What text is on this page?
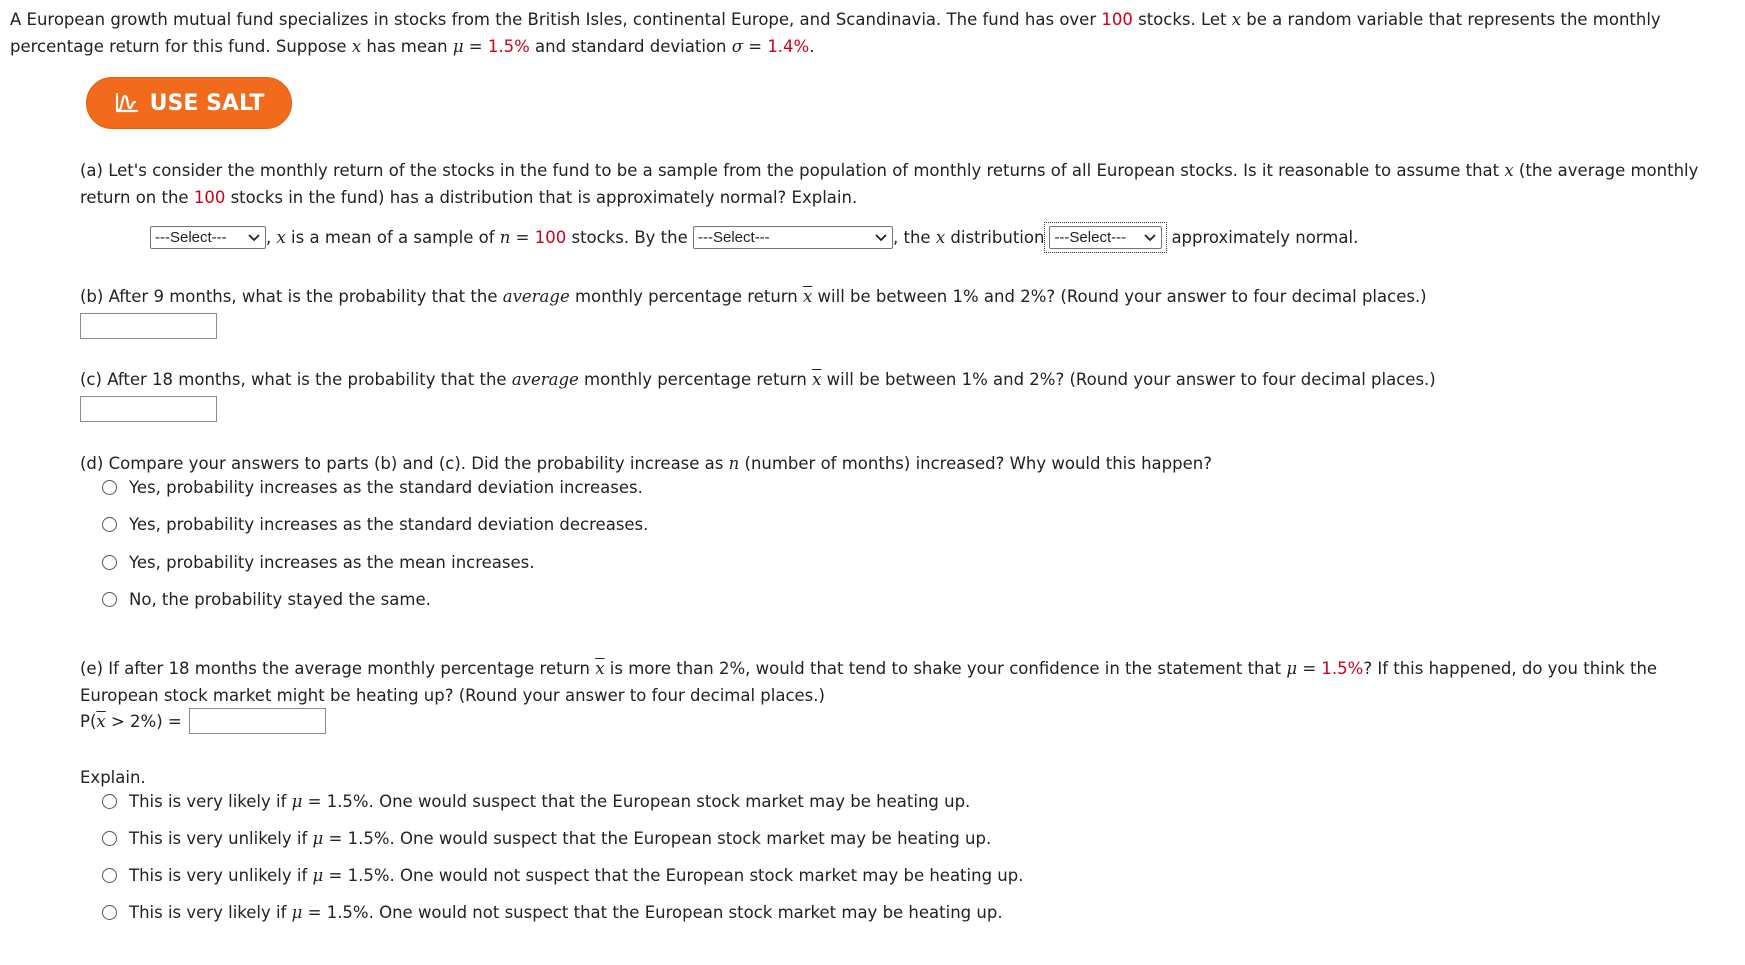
A European growth mutual fund specializes in stocks from the British Isles, continental Europe, and Scandinavia. The fund has over 100 stocks. Let x be a random variable that represents the monthly percentage return for this fund. Suppose x has mean μ = 1.5% and standard deviation σ = 1.4%.
USE SALT
(a) Let's consider the monthly return of the stocks in the fund to be a sample from the population of monthly returns of all European stocks. Is it reasonable to assume that x (the average monthly return on the 100 stocks in the fund) has a distribution that is approximately normal? Explain.
---Select--- , x is a mean of a sample of n = 100 stocks. By the ---Select---	, the x distribution ---Select---	approximately normal.
(b) After 9 months, what is the probability that the average monthly percentage return $\overline{x}$ will be between 1% and 2%? (Round your answer to four decimal places.)
(c) After 18 months, what is the probability that the average monthly percentage return $\overline{x}$ will be between 1% and 2%? (Round your answer to four decimal places.)
(d) Compare your answers to parts (b) and (c). Did the probability increase as n (number of months) increased? Why would this happen?
Yes, probability increases as the standard deviation increases.
Yes, probability increases as the standard deviation decreases.
Yes, probability increases as the mean increases.
No, the probability stayed the same.
(e) If after 18 months the average monthly percentage return $\overline{x}$ is more than 2%, would that tend to shake your confidence in the statement that μ = 1.5%? If this happened, do you think the European stock market might be heating up? (Round your answer to four decimal places.)
P( $\overline{x} > 2\%$) =
Explain.
This is very likely if μ = 1.5%. One would suspect that the European stock market may be heating up.
This is very unlikely if μ = 1.5%. One would suspect that the European stock market may be heating up.
This is very unlikely if μ = 1.5%. One would not suspect that the European stock market may be heating up.
This is very likely if μ = 1.5%. One would not suspect that the European stock market may be heating up.
